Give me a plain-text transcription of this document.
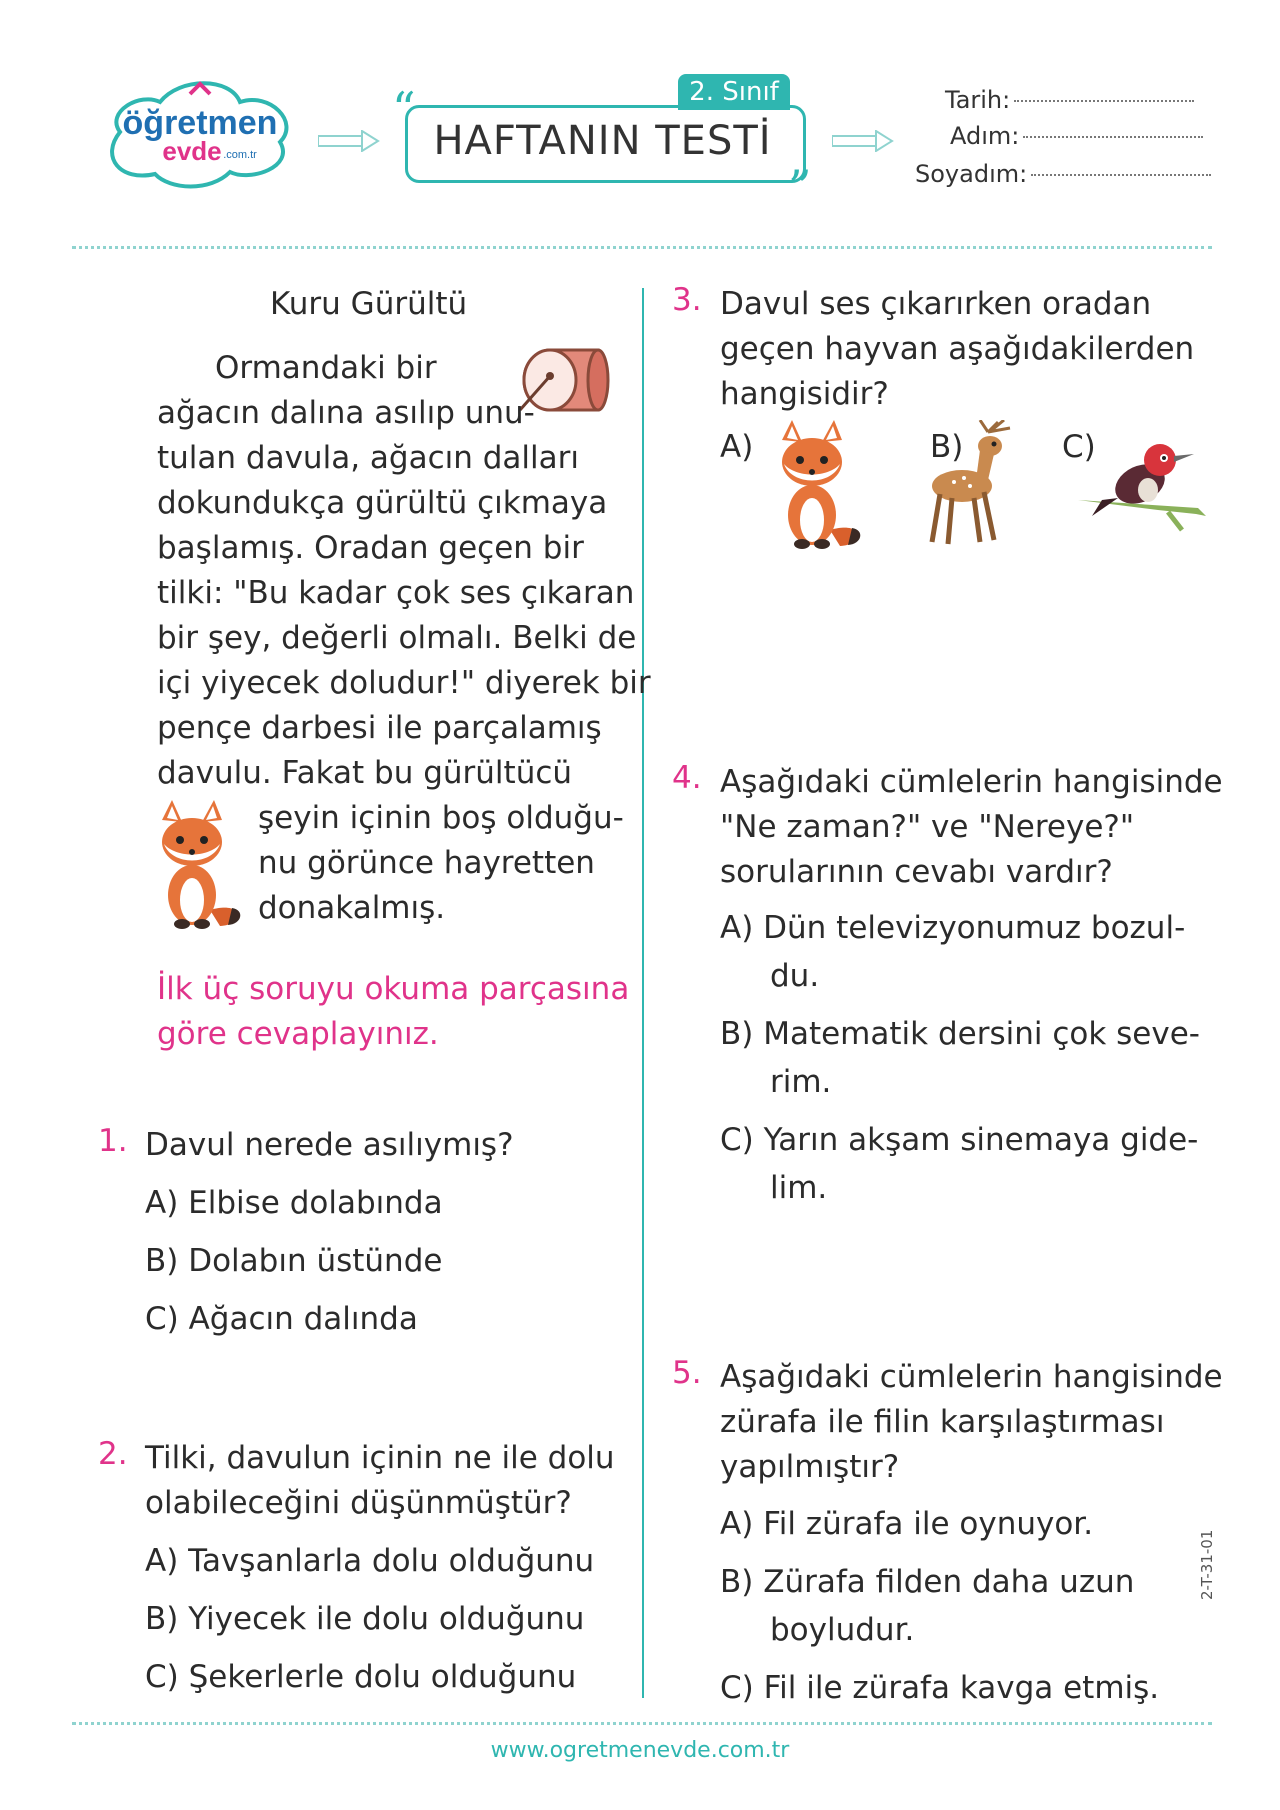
öğretmen
evde .com.tr
“	2. Sınıf
HAFTANIN TESTİ
”
Tarih:
Adım:
Soyadım:
Kuru Gürültü
Ormandaki bir
ağacın dalına asılıp unu-
tulan davula, ağacın dalları
dokundukça gürültü çıkmaya
başlamış. Oradan geçen bir
tilki: "Bu kadar çok ses çıkaran
bir şey, değerli olmalı. Belki de
içi yiyecek doludur!" diyerek bir
pençe darbesi ile parçalamış
davulu. Fakat bu gürültücü
şeyin içinin boş olduğu-
nu görünce hayretten
donakalmış.
İlk üç soruyu okuma parçasına
göre cevaplayınız.
1. Davul nerede asılıymış?
A) Elbise dolabında
B) Dolabın üstünde
C) Ağacın dalında
2. Tilki, davulun içinin ne ile dolu
olabileceğini düşünmüştür?
A) Tavşanlarla dolu olduğunu
B) Yiyecek ile dolu olduğunu
C) Şekerlerle dolu olduğunu
3. Davul ses çıkarırken oradan
geçen hayvan aşağıdakilerden
hangisidir?
A)	B)	C)
4. Aşağıdaki cümlelerin hangisinde
"Ne zaman?" ve "Nereye?"
sorularının cevabı vardır?
A) Dün televizyonumuz bozul-
du.
B) Matematik dersini çok seve-
rim.
C) Yarın akşam sinemaya gide-
lim.
5. Aşağıdaki cümlelerin hangisinde
zürafa ile filin karşılaştırması
yapılmıştır?
A) Fil zürafa ile oynuyor.
B) Zürafa filden daha uzun
boyludur.
C) Fil ile zürafa kavga etmiş.
2-T-31-01
www.ogretmenevde.com.tr
